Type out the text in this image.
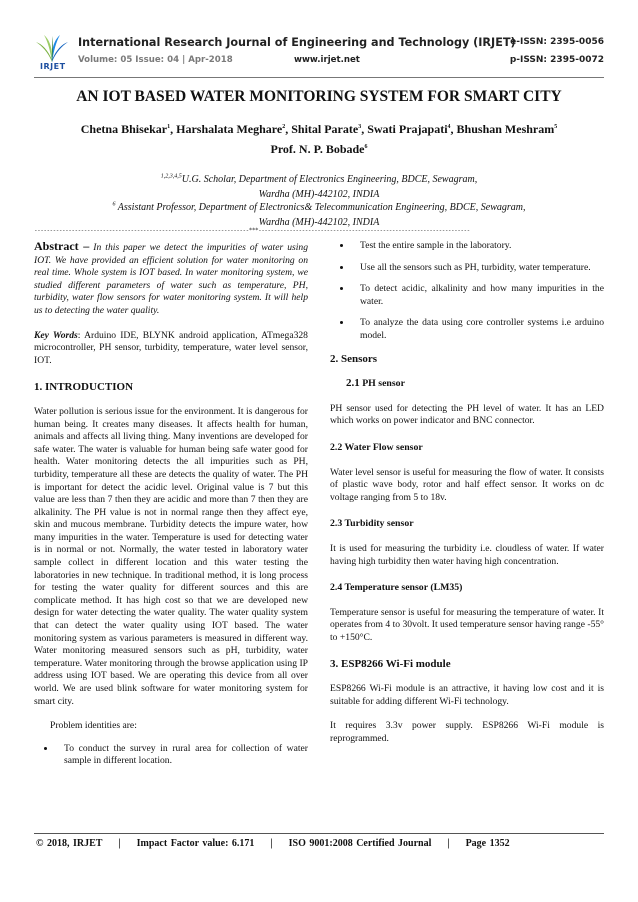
IRJET
International Research Journal of Engineering and Technology (IRJET)
e-ISSN: 2395-0056
Volume: 05 Issue: 04 | Apr-2018	www.irjet.net	p-ISSN: 2395-0072
AN IOT BASED WATER MONITORING SYSTEM FOR SMART CITY
Chetna Bhisekar$^1$, Harshalata Meghare$^2$, Shital Parate$^3$, Swati Prajapati$^4$, Bhushan Meshram$^5$
Prof. N. P. Bobade$^6$
$^{1,2,3,4,5}$U.G. Scholar, Department of Electronics Engineering, BDCE, Sewagram,
Wardha (MH)-442102, INDIA
$^6$ Assistant Professor, Department of Electronics& Telecommunication Engineering, BDCE, Sewagram,
Wardha (MH)-442102, INDIA
---------------------------------------------------------------------***--------------------------------------------------------------------

Abstract – In this paper we detect the impurities of water using IOT. We have provided an efficient solution for water monitoring on real time. Whole system is IOT based. In water monitoring system, we studied different parameters of water such as temperature, PH, turbidity, water flow sensors for water monitoring system. It will help us to detecting the water quality.

Key Words: Arduino IDE, BLYNK android application, ATmega328 microcontroller, PH sensor, turbidity, temperature, water level sensor, IOT.

1. INTRODUCTION

Water pollution is serious issue for the environment. It is dangerous for human being. It creates many diseases. It affects health for human, animals and affects all living thing. Many inventions are developed for safe water. The water is valuable for human being safe water good for health. Water monitoring detects the all impurities such as PH, turbidity, temperature all these are detects the quality of water. The PH is important for detect the acidic level. Original value is 7 but this value are less than 7 then they are acidic and more than 7 then they are alkalinity. The PH value is not in normal range then they affect eye, skin and mucous membrane. Turbidity detects the impure water, how many impurities in the water. Temperature is used for detecting water is in normal or not. Normally, the water tested in laboratory water sample collect in different location and this water testing the laboratories in new technique. In traditional method, it is long process for testing the water quality for different sources and this are complicate method. It has high cost so that we are developed new design for water detecting the water quality. The water quality system that can detect the water quality using IOT based. The water monitoring system as various parameters is measured in different way. Water monitoring measured sensors such as pH, turbidity, water temperature. Water monitoring through the browse application using IP address using IOT based. We are operating this device from all over world. We are used blink software for water monitoring system for smart city.

Problem identities are:

• To conduct the survey in rural area for collection of water sample in different location.
• Test the entire sample in the laboratory.
• Use all the sensors such as PH, turbidity, water temperature.
• To detect acidic, alkalinity and how many impurities in the water.
• To analyze the data using core controller systems i.e arduino model.
2. Sensors
2.1 PH sensor

PH sensor used for detecting the PH level of water. It has an LED which works on power indicator and BNC connector.

2.2 Water Flow sensor

Water level sensor is useful for measuring the flow of water. It consists of plastic wave body, rotor and half effect sensor. It works on dc voltage ranging from 5 to 18v.

2.3 Turbidity sensor

It is used for measuring the turbidity i.e. cloudless of water. If water having high turbidity then water having high concentration.

2.4 Temperature sensor (LM35)

Temperature sensor is useful for measuring the temperature of water. It operates from 4 to 30volt. It used temperature sensor having range -55° to +150°C.

3. ESP8266 Wi-Fi module

ESP8266 Wi-Fi module is an attractive, it having low cost and it is suitable for adding different Wi-Fi technology.

It requires 3.3v power supply. ESP8266 Wi-Fi module is reprogrammed.

© 2018, IRJET | Impact Factor value: 6.171 | ISO 9001:2008 Certified Journal | Page 1352
